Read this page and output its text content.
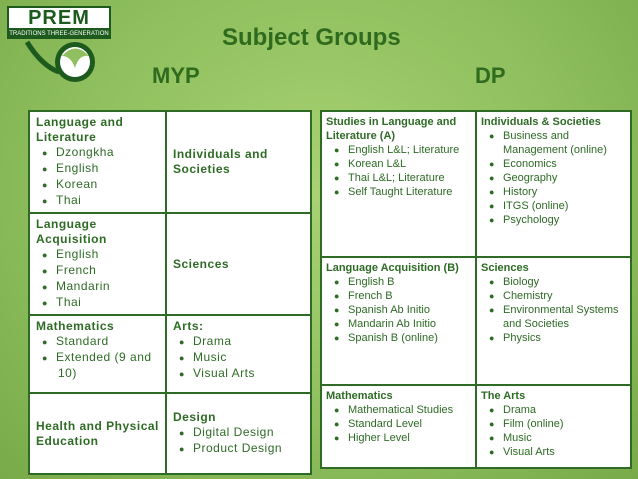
PREM
TRADITIONS THREE-GENERATION	Subject Groups
MYP	DP
Language and Literature
● Dzongkha
● English
● Korean
● Thai
Individuals and Societies
Language Acquisition
● English
● French
● Mandarin
● Thai
Sciences
Mathematics
● Standard
● Extended (9 and 10)
Arts:
● Drama
● Music
● Visual Arts
Health and Physical Education
Design
● Digital Design
● Product Design
Studies in Language and Literature (A)
● English L&L; Literature
● Korean L&L
● Thai L&L; Literature
● Self Taught Literature
Individuals & Societies
● Business and Management (online)
● Economics
● Geography
● History
● ITGS (online)
● Psychology
Language Acquisition (B)
● English B
● French B
● Spanish Ab Initio
● Mandarin Ab Initio
● Spanish B (online)
Sciences
● Biology
● Chemistry
● Environmental Systems and Societies
● Physics
Mathematics
● Mathematical Studies
● Standard Level
● Higher Level
The Arts
● Drama
● Film (online)
● Music
● Visual Arts
